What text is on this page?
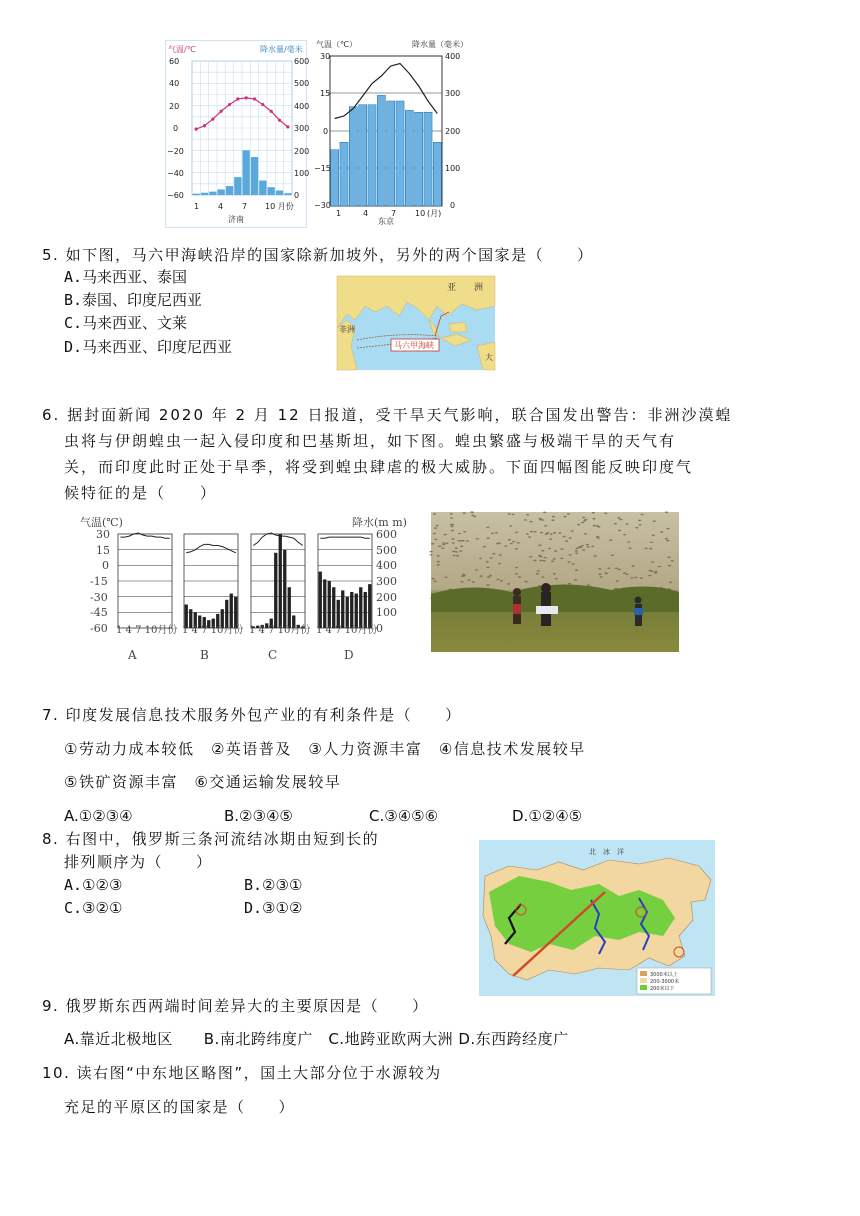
气温/℃	降水量/毫米
60
40
20
0
−20
−40
−60
600
500
400
300
200
100
0
1 4 7 10 月份
济南
气温（℃）	降水量（毫米）
30
15
0
−15
−30
400
300
200
100
0
1	4	7 10 (月)
东京
5. 如下图，马六甲海峡沿岸的国家除新加坡外，另外的两个国家是（　　）
A.马来西亚、泰国
B.泰国、印度尼西亚
C.马来西亚、文莱
D.马来西亚、印度尼西亚
亚　　洲
非洲
大
马六甲海峡
6. 据封面新闻 2020 年 2 月 12 日报道，受干旱天气影响，联合国发出警告：非洲沙漠蝗
虫将与伊朗蝗虫一起入侵印度和巴基斯坦，如下图。蝗虫繁盛与极端干旱的天气有
关，而印度此时正处于旱季，将受到蝗虫肆虐的极大威胁。下面四幅图能反映印度气
候特征的是（　　）
气温(℃)	降水(m m)
30
15
0
-15
-30
-45
-60
600
500
400
300
200
100
0
1 4 7 10月份 1 4 7 10月份 1 4 7 10月份 1 4 7 10月份
A	B	C	D
7. 印度发展信息技术服务外包产业的有利条件是（　　）
①劳动力成本较低　②英语普及　③人力资源丰富　④信息技术发展较早
⑤铁矿资源丰富　⑥交通运输发展较早
A.①②③④	B.②③④⑤	C.③④⑤⑥	D.①②④⑤
8. 右图中，俄罗斯三条河流结冰期由短到长的
排列顺序为（　　）
A.①②③	B.②③①
C.③②①	D.③①②
北　冰　洋
3000米以上
200-3000米
200米以下
9. 俄罗斯东西两端时间差异大的主要原因是（　　）
A.靠近北极地区　　B.南北跨纬度广　C.地跨亚欧两大洲 D.东西跨经度广
10. 读右图“中东地区略图”，国土大部分位于水源较为
充足的平原区的国家是（　　）
